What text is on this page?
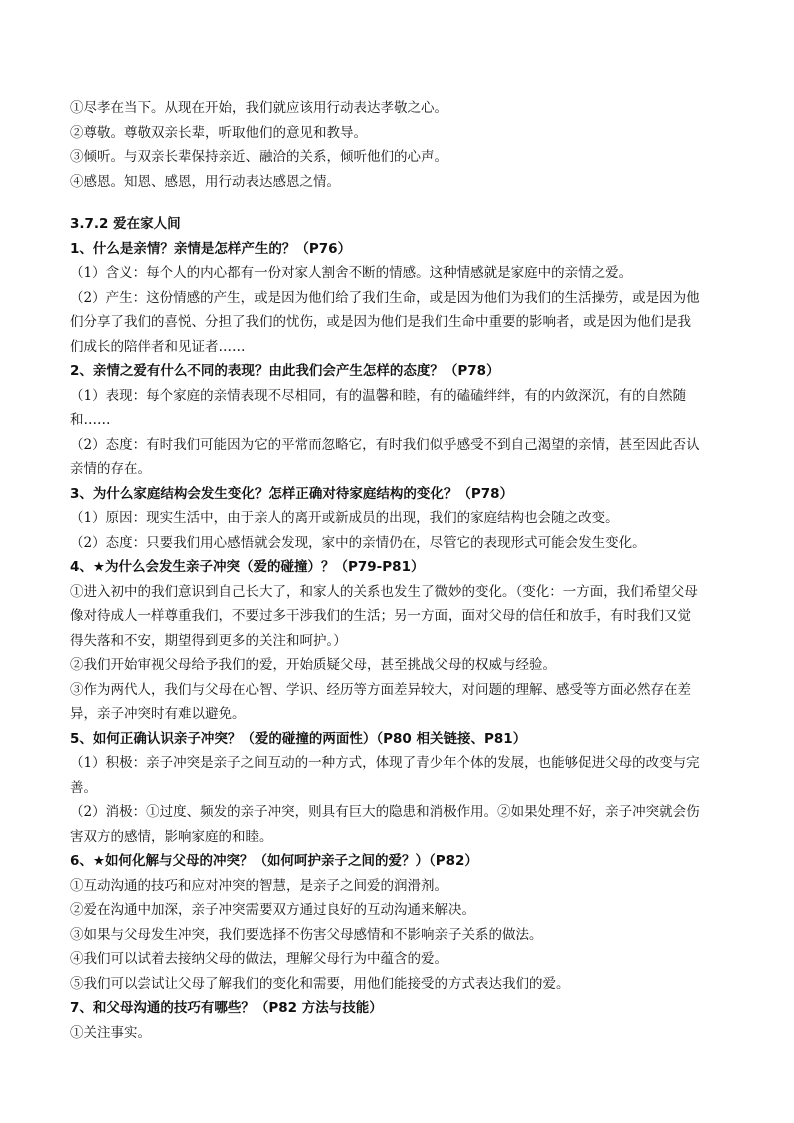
①尽孝在当下。从现在开始，我们就应该用行动表达孝敬之心。
②尊敬。尊敬双亲长辈，听取他们的意见和教导。
③倾听。与双亲长辈保持亲近、融洽的关系，倾听他们的心声。
④感恩。知恩、感恩，用行动表达感恩之情。
3.7.2 爱在家人间
1、什么是亲情？亲情是怎样产生的？（P76）
（1）含义：每个人的内心都有一份对家人割舍不断的情感。这种情感就是家庭中的亲情之爱。
（2）产生：这份情感的产生，或是因为他们给了我们生命，或是因为他们为我们的生活操劳，或是因为他
们分享了我们的喜悦、分担了我们的忧伤，或是因为他们是我们生命中重要的影响者，或是因为他们是我
们成长的陪伴者和见证者……
2、亲情之爱有什么不同的表现？由此我们会产生怎样的态度？（P78）
（1）表现：每个家庭的亲情表现不尽相同，有的温馨和睦，有的磕磕绊绊，有的内敛深沉，有的自然随
和……
（2）态度：有时我们可能因为它的平常而忽略它，有时我们似乎感受不到自己渴望的亲情，甚至因此否认
亲情的存在。
3、为什么家庭结构会发生变化？怎样正确对待家庭结构的变化？（P78）
（1）原因：现实生活中，由于亲人的离开或新成员的出现，我们的家庭结构也会随之改变。
（2）态度：只要我们用心感悟就会发现，家中的亲情仍在，尽管它的表现形式可能会发生变化。
4、★为什么会发生亲子冲突（爱的碰撞）？（P79-P81）
①进入初中的我们意识到自己长大了，和家人的关系也发生了微妙的变化。（变化：一方面，我们希望父母
像对待成人一样尊重我们，不要过多干涉我们的生活；另一方面，面对父母的信任和放手，有时我们又觉
得失落和不安，期望得到更多的关注和呵护。）
②我们开始审视父母给予我们的爱，开始质疑父母，甚至挑战父母的权威与经验。
③作为两代人，我们与父母在心智、学识、经历等方面差异较大，对问题的理解、感受等方面必然存在差
异，亲子冲突时有难以避免。
5、如何正确认识亲子冲突？（爱的碰撞的两面性）（P80 相关链接、P81）
（1）积极：亲子冲突是亲子之间互动的一种方式，体现了青少年个体的发展，也能够促进父母的改变与完
善。
（2）消极：①过度、频发的亲子冲突，则具有巨大的隐患和消极作用。②如果处理不好，亲子冲突就会伤
害双方的感情，影响家庭的和睦。
6、★如何化解与父母的冲突？（如何呵护亲子之间的爱？）（P82）
①互动沟通的技巧和应对冲突的智慧，是亲子之间爱的润滑剂。
②爱在沟通中加深，亲子冲突需要双方通过良好的互动沟通来解决。
③如果与父母发生冲突，我们要选择不伤害父母感情和不影响亲子关系的做法。
④我们可以试着去接纳父母的做法，理解父母行为中蕴含的爱。
⑤我们可以尝试让父母了解我们的变化和需要，用他们能接受的方式表达我们的爱。
7、和父母沟通的技巧有哪些？（P82 方法与技能）
①关注事实。
